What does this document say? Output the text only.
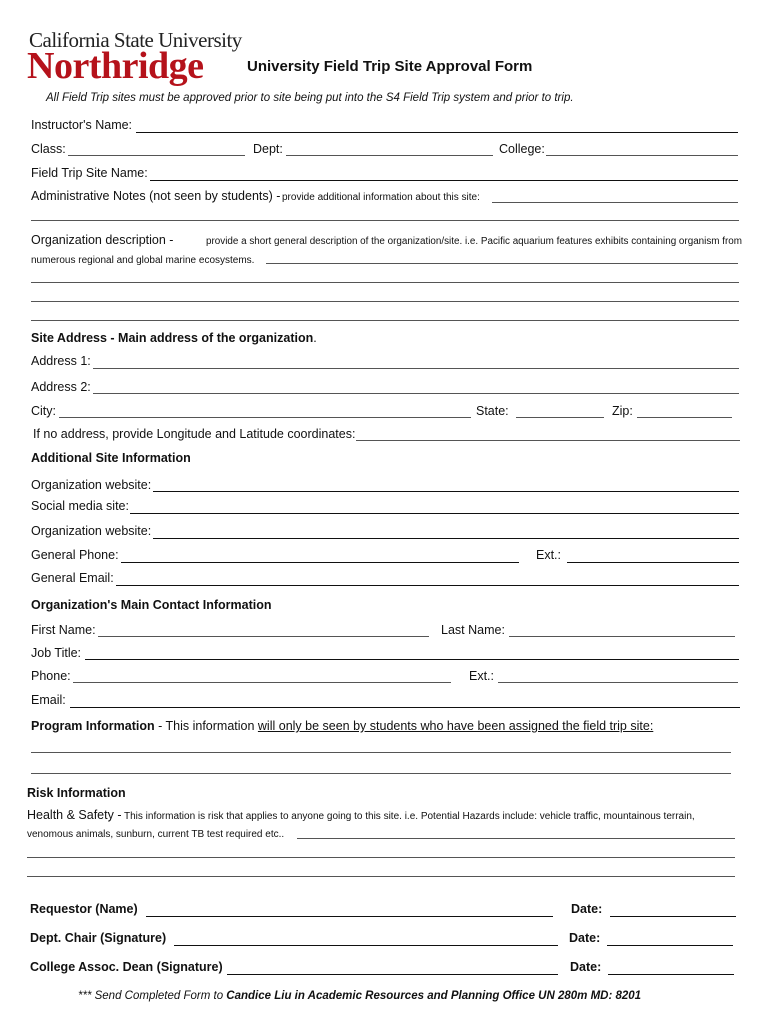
California State University
Northridge	University Field Trip Site Approval Form
All Field Trip sites must be approved prior to site being put into the S4 Field Trip system and prior to trip.
Instructor's Name:
Class:	Dept:	College:
Field Trip Site Name:
Administrative Notes (not seen by students) - provide additional information about this site:
Organization description -	provide a short general description of the organization/site. i.e. Pacific aquarium features exhibits containing organism from
numerous regional and global marine ecosystems.
Site Address - Main address of the organization.
Address 1:
Address 2:
City:	State:	Zip:
If no address, provide Longitude and Latitude coordinates:
Additional Site Information
Organization website:
Social media site:
Organization website:
General Phone:	Ext.:
General Email:
Organization's Main Contact Information
First Name:	Last Name:
Job Title:
Phone:	Ext.:
Email:
Program Information - This information will only be seen by students who have been assigned the field trip site:
Risk Information
Health & Safety - This information is risk that applies to anyone going to this site. i.e. Potential Hazards include: vehicle traffic, mountainous terrain,
venomous animals, sunburn, current TB test required etc..
Requestor (Name)	Date:
Dept. Chair (Signature)	Date:
College Assoc. Dean (Signature)	Date:
*** Send Completed Form to Candice Liu in Academic Resources and Planning Office UN 280m MD: 8201
